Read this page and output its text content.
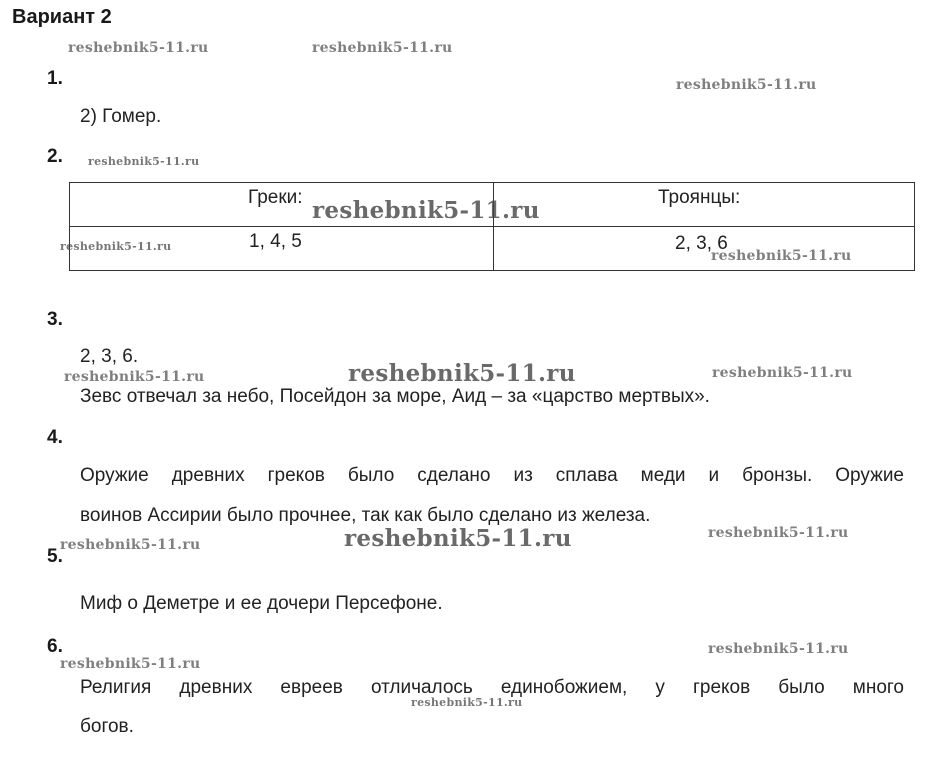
Вариант 2
1.
2) Гомер.
2.
Греки:	Троянцы:
1, 4, 5	2, 3, 6
3.
2, 3, 6.
Зевс отвечал за небо, Посейдон за море, Аид – за «царство мертвых».
4.
Оружие древних греков было сделано из сплава меди и бронзы. Оружие
воинов Ассирии было прочнее, так как было сделано из железа.
5.
Миф о Деметре и ее дочери Персефоне.
6.
Религия древних евреев отличалось единобожием, у греков было много
богов.
reshebnik5-11.ru	reshebnik5-11.ru
reshebnik5-11.ru
reshebnik5-11.ru
reshebnik5-11.ru
reshebnik5-11.ru
reshebnik5-11.ru
reshebnik5-11.ru	reshebnik5-11.ru	reshebnik5-11.ru
reshebnik5-11.ru	reshebnik5-11.ru	reshebnik5-11.ru
reshebnik5-11.ru
reshebnik5-11.ru
reshebnik5-11.ru
